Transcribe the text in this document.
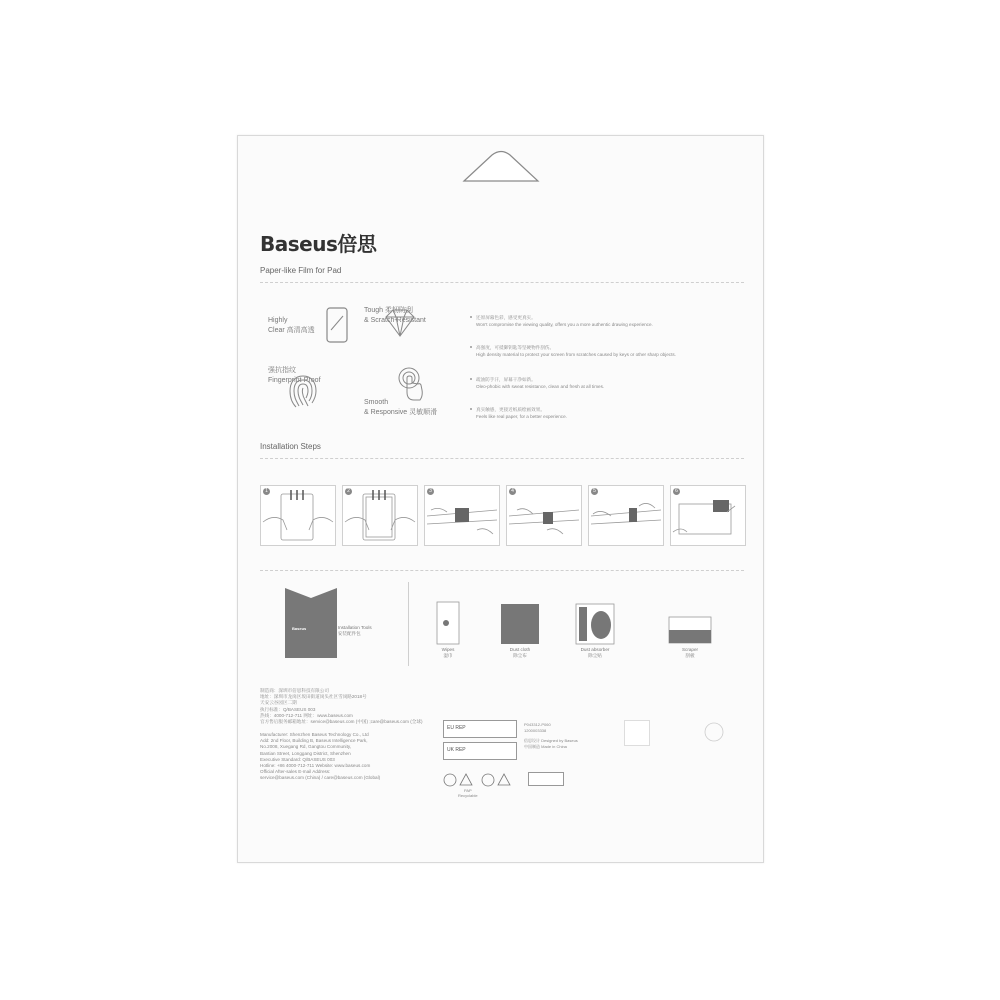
Baseus倍思
Paper-like Film for Pad
Highly
Clear 高清高透
Tough 柔韧防刮
& Scratch-Resistant
强抗指纹
Fingerprint-Proof
Smooth
& Responsive 灵敏顺滑
还原屏幕色彩，感受更真实。
Won't compromise the viewing quality, offers you a more authentic drawing experience.
高强度，可抵御钥匙等坚硬物件刮伤。
High density material to protect your screen from scratches caused by keys or other sharp objects.
疏油防手汗，屏幕干净如新。
Oleo-phobic with sweat resistance, clean and fresh at all times.
真实触感，更接近纸质绘画效果。
Feels like real paper, for a better experience.
Installation Steps
1	2	3	4	5	6
Baseus	- Installation Tools
- 安装配件包
Wipes
湿巾
Dust cloth
除尘布
Dust absorber
除尘贴
Scraper
刮板
制造商：深圳市倍思科技有限公司
地址：深圳市龙岗区坂田街道岗头社区雪岗路2018号
天安云谷园区二期
执行标准：Q/BASEUS 003
热线：4000-712-711 网址：www.baseus.com
官方售后服务邮箱地址：service@baseus.com (中国) ;care@baseus.com (全球)
Manufacturer: Shenzhen Baseus Technology Co., Ltd
Add: 2nd Floor, Building B, Baseus Intelligence Park,
No.2008, Xuegang Rd, Gangtou Community,
Bantian Street, Longgang District, Shenzhen
Executive Standard: Q/BASEUS 003
Hotline: +86 4000-712-711 Website: www.baseus.com
Official After-sales E-mail Address:
service@baseus.com (China) / care@baseus.com (Global)
EU REP
UK REP
P043312-P060
1200003338
倍思设计 Designed by Baseus
中国制造 Made in China
PAP
Recyclable
